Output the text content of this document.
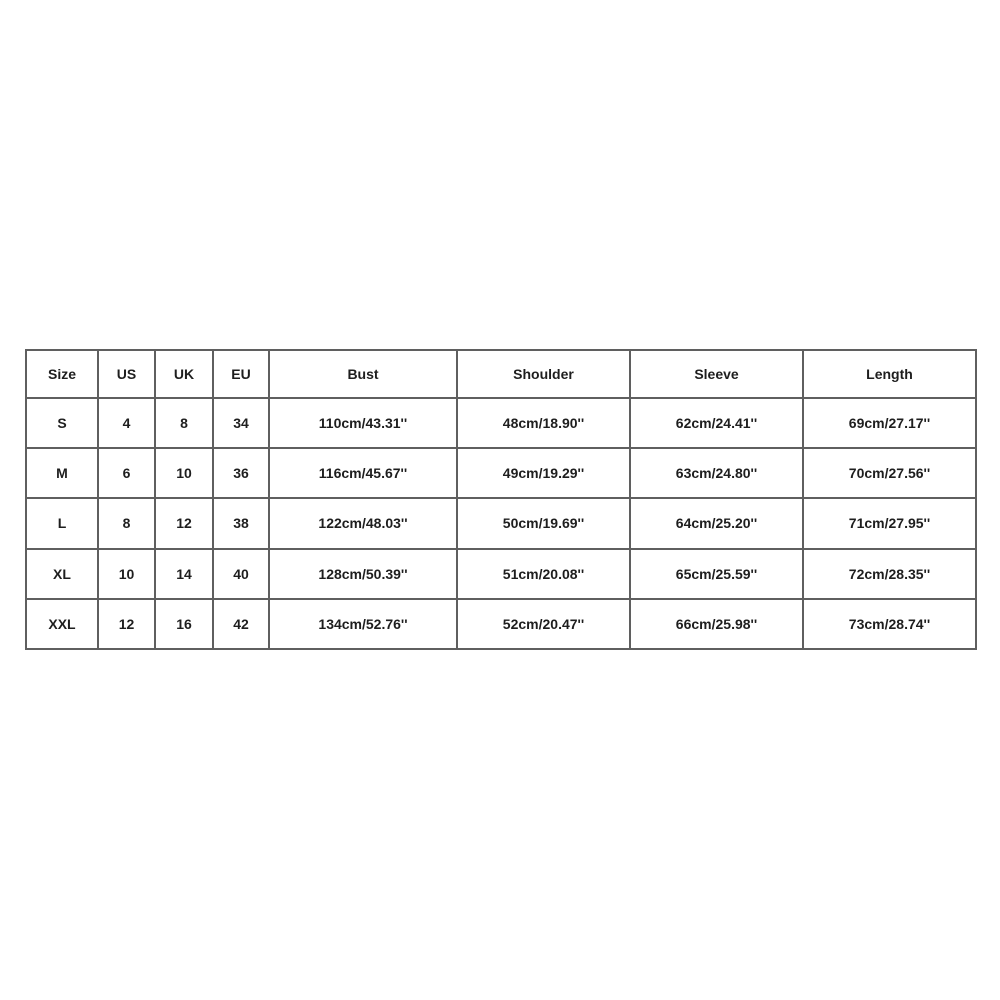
Size	US	UK	EU	Bust	Shoulder	Sleeve	Length
S	4	8	34	110cm/43.31''	48cm/18.90''	62cm/24.41''	69cm/27.17''
M	6	10	36	116cm/45.67''	49cm/19.29''	63cm/24.80''	70cm/27.56''
L	8	12	38	122cm/48.03''	50cm/19.69''	64cm/25.20''	71cm/27.95''
XL	10	14	40	128cm/50.39''	51cm/20.08''	65cm/25.59''	72cm/28.35''
XXL	12	16	42	134cm/52.76''	52cm/20.47''	66cm/25.98''	73cm/28.74''
